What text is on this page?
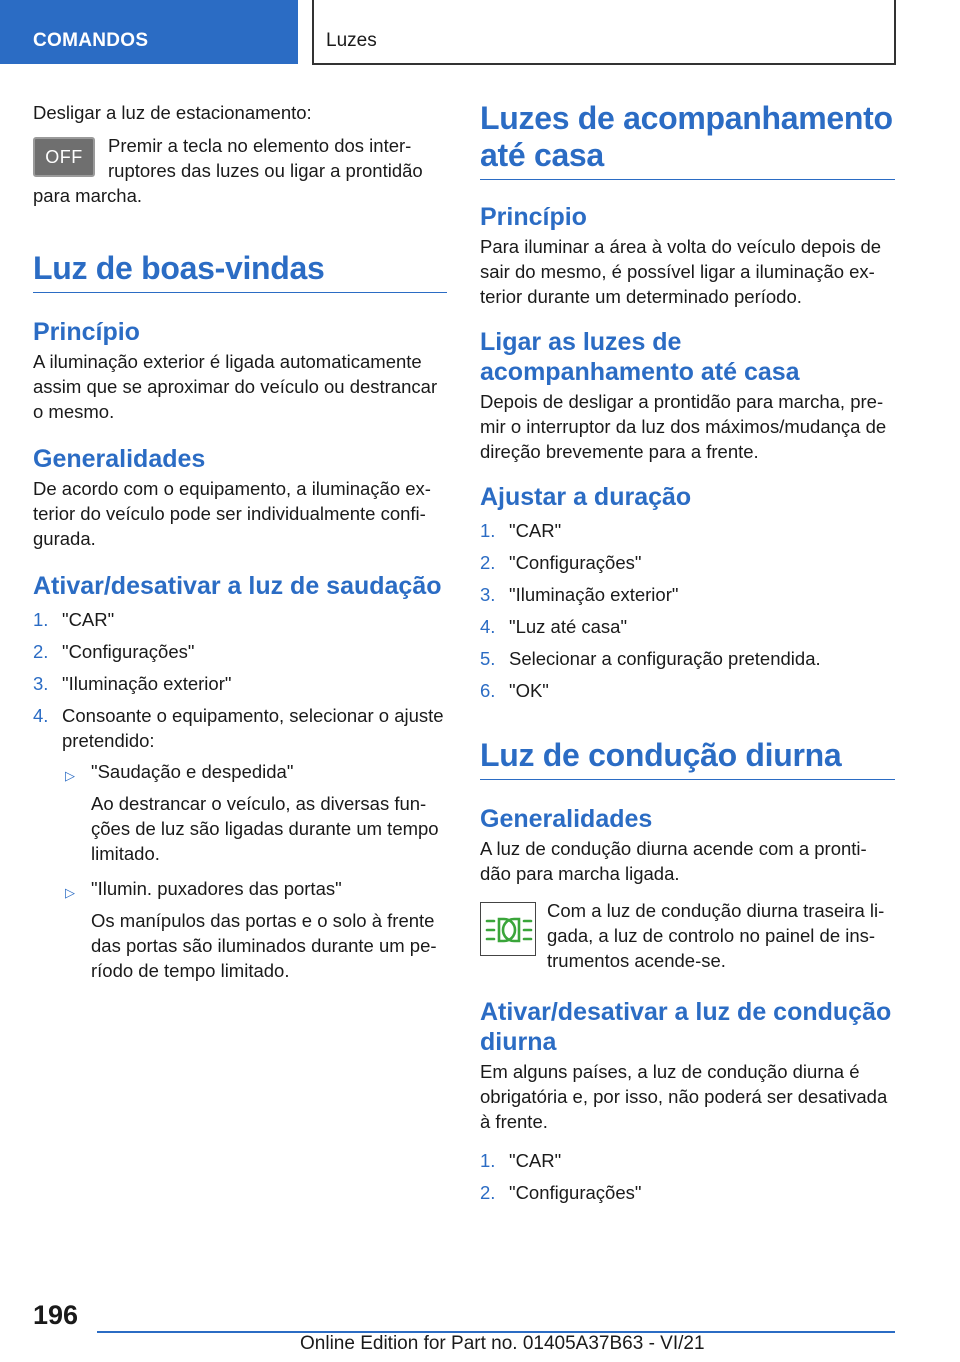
COMANDOS	Luzes

Desligar a luz de estacionamento:

OFF

Premir a tecla no elemento dos inter-

ruptores das luzes ou ligar a prontidão

para marcha.

Luz de boas-vindas
Princípio

A iluminação exterior é ligada automaticamente assim que se aproximar do veículo ou destrancar o mesmo.

Generalidades

De acordo com o equipamento, a iluminação ex- terior do veículo pode ser individualmente confi- gurada.

Ativar/desativar a luz de saudação
1. "CAR"
2. "Configurações"
3. "Iluminação exterior"
4. Consoante o equipamento, selecionar o ajuste pretendido:
▷ "Saudação e despedida"
Ao destrancar o veículo, as diversas fun- ções de luz são ligadas durante um tempo limitado.
▷ "Ilumin. puxadores das portas"
Os manípulos das portas e o solo à frente das portas são iluminados durante um pe- ríodo de tempo limitado.
Luzes de acompanhamento até casa
Princípio

Para iluminar a área à volta do veículo depois de sair do mesmo, é possível ligar a iluminação ex- terior durante um determinado período.

Ligar as luzes de acompanhamento até casa

Depois de desligar a prontidão para marcha, pre- mir o interruptor da luz dos máximos/mudança de direção brevemente para a frente.

Ajustar a duração
1. "CAR"
2. "Configurações"
3. "Iluminação exterior"
4. "Luz até casa"
5. Selecionar a configuração pretendida.
6. "OK"
Luz de condução diurna
Generalidades

A luz de condução diurna acende com a pronti- dão para marcha ligada.

Com a luz de condução diurna traseira li- gada, a luz de controlo no painel de ins- trumentos acende-se.

Ativar/desativar a luz de condução diurna

Em alguns países, a luz de condução diurna é obrigatória e, por isso, não poderá ser desativada à frente.

1. "CAR"
2. "Configurações"
196
Online Edition for Part no. 01405A37B63 - VI/21
